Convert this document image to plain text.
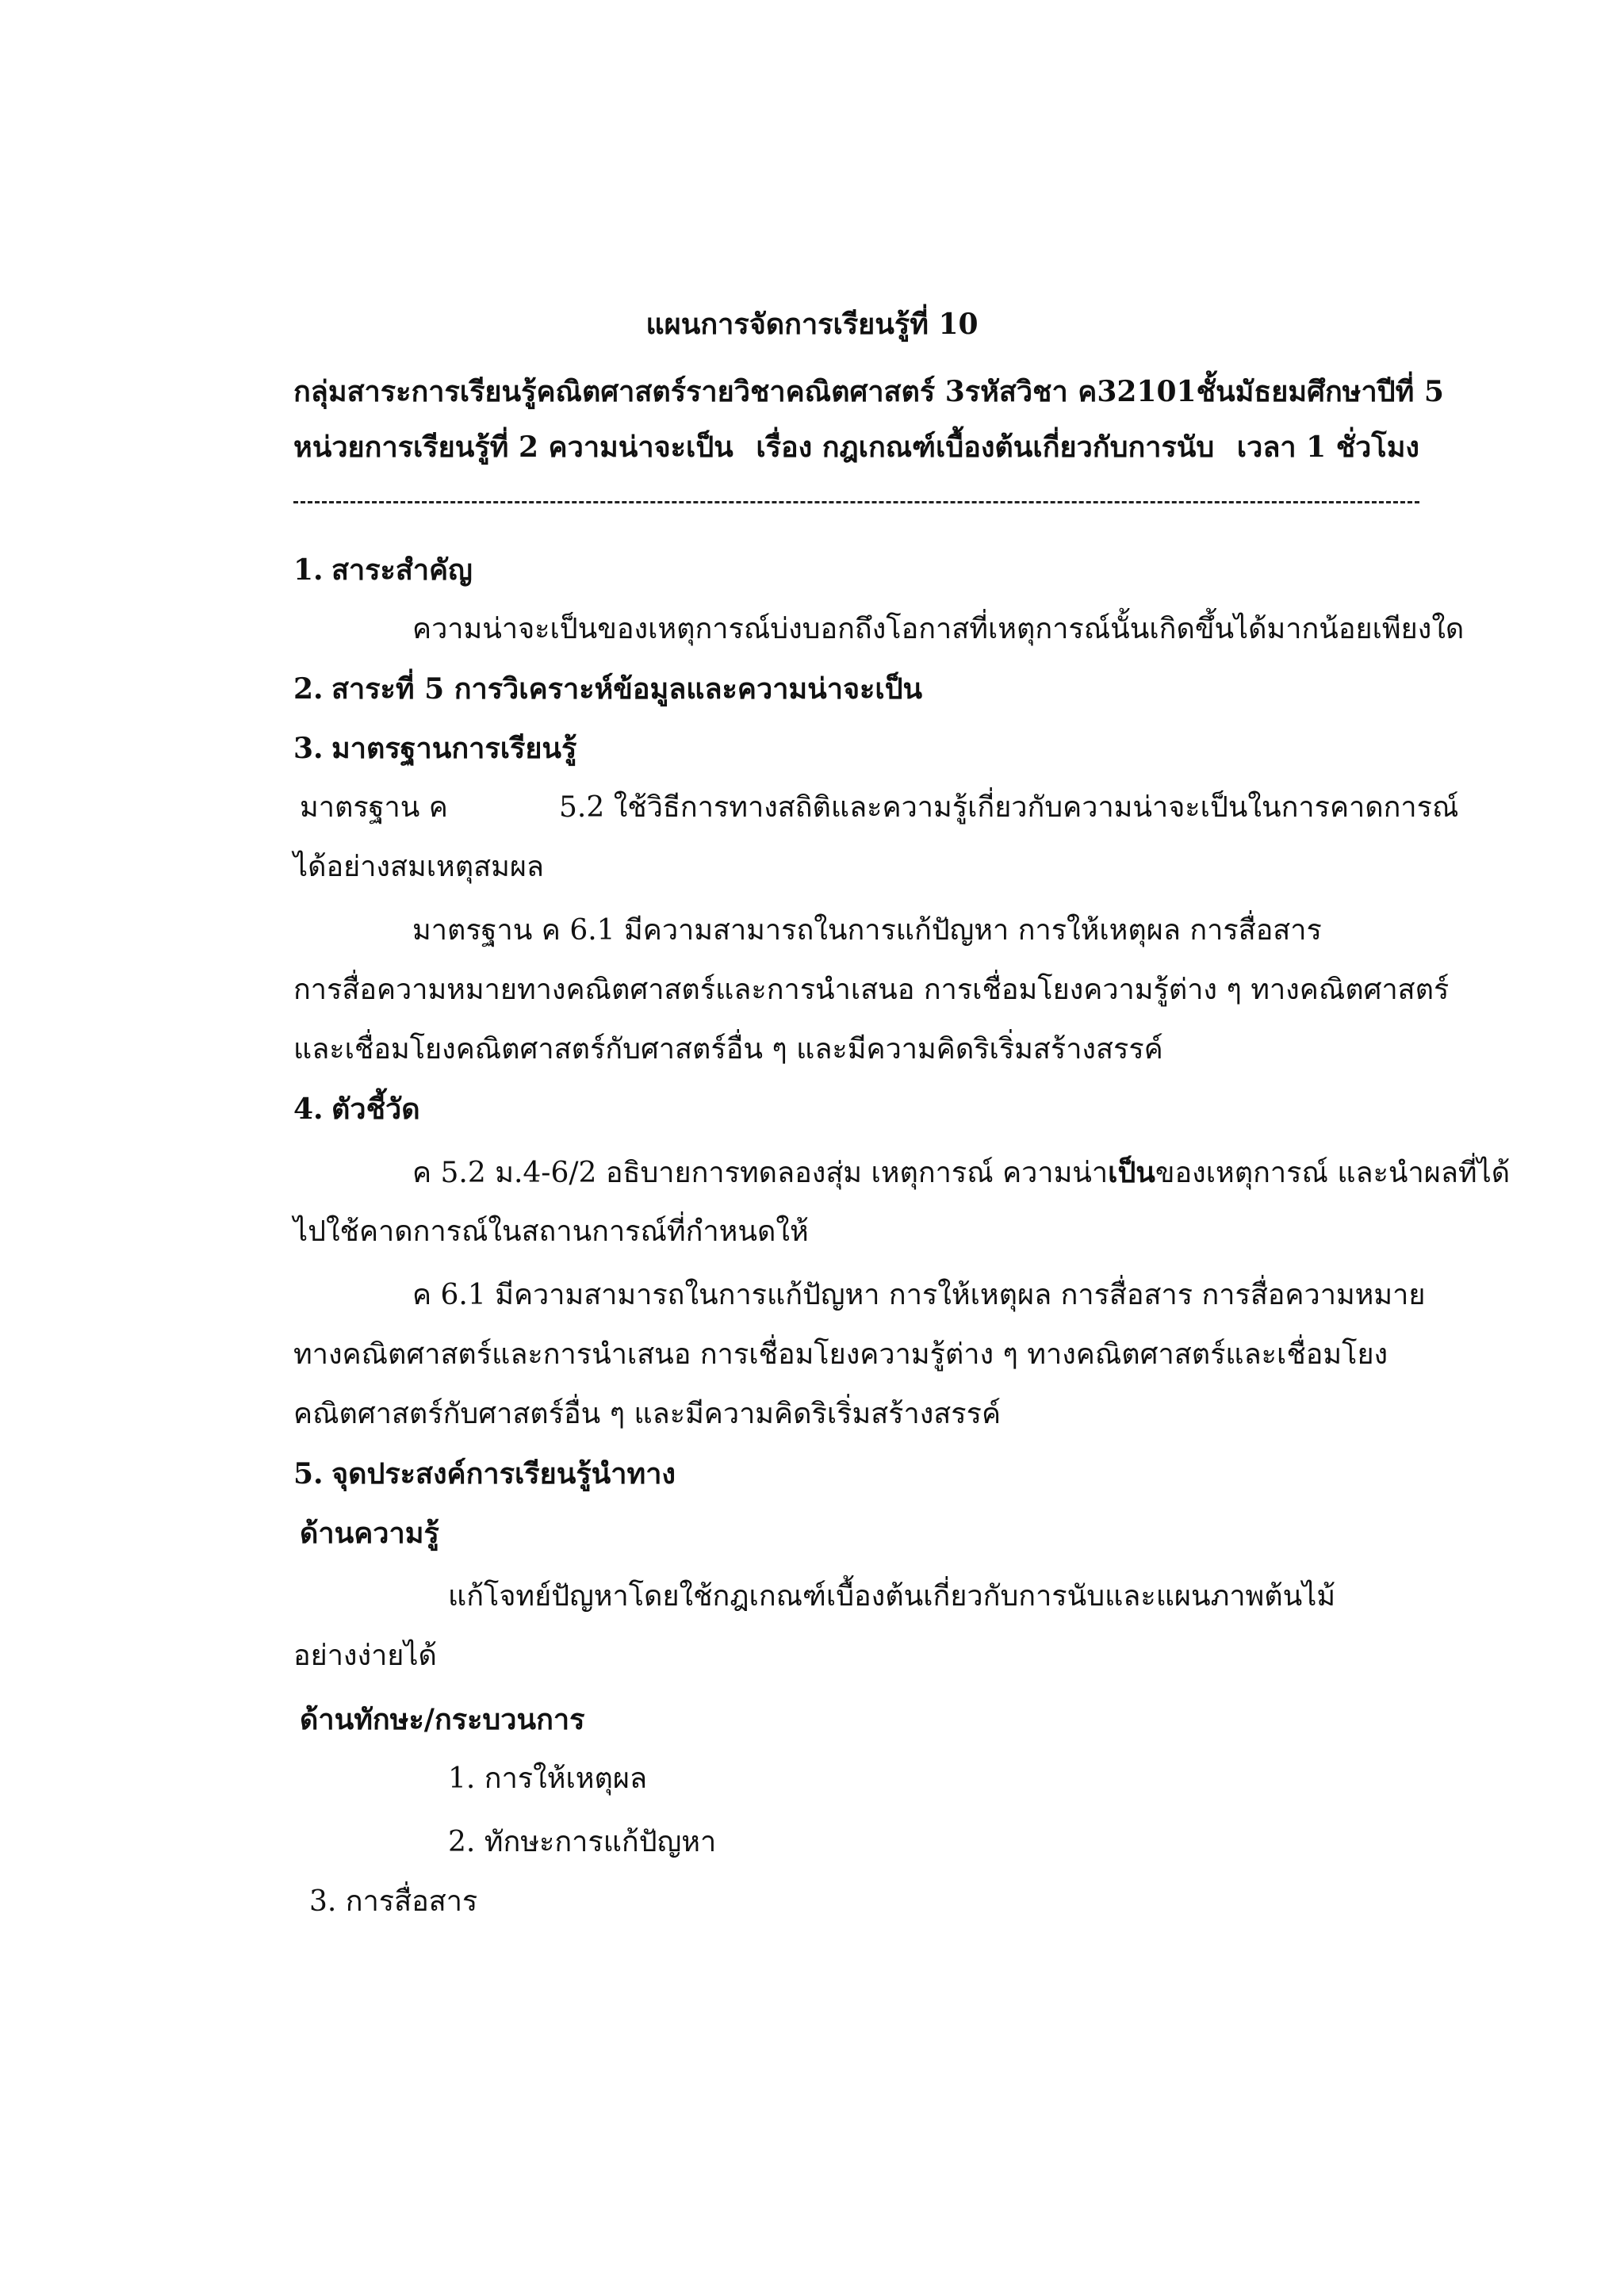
แผนการจัดการเรียนรู้ที่ 10
กลุ่มสาระการเรียนรู้คณิตศาสตร์ รายวิชาคณิตศาสตร์ 3 รหัสวิชา ค32101 ชั้นมัธยมศึกษาปีที่ 5
หน่วยการเรียนรู้ที่ 2 ความน่าจะเป็น เรื่อง กฎเกณฑ์เบื้องต้นเกี่ยวกับการนับ เวลา 1 ชั่วโมง
1. สาระสำคัญ
ความน่าจะเป็นของเหตุการณ์บ่งบอกถึงโอกาสที่เหตุการณ์นั้นเกิดขึ้นได้มากน้อยเพียงใด
2. สาระที่ 5 การวิเคราะห์ข้อมูลและความน่าจะเป็น
3. มาตรฐานการเรียนรู้
มาตรฐาน ค	5.2 ใช้วิธีการทางสถิติและความรู้เกี่ยวกับความน่าจะเป็นในการคาดการณ์
ได้อย่างสมเหตุสมผล
มาตรฐาน ค 6.1 มีความสามารถในการแก้ปัญหา การให้เหตุผล การสื่อสาร
การสื่อความหมายทางคณิตศาสตร์และการนำเสนอ การเชื่อมโยงความรู้ต่าง ๆ ทางคณิตศาสตร์
และเชื่อมโยงคณิตศาสตร์กับศาสตร์อื่น ๆ และมีความคิดริเริ่มสร้างสรรค์
4. ตัวชี้วัด
ค 5.2 ม.4-6/2 อธิบายการทดลองสุ่ม เหตุการณ์ ความน่าเป็นของเหตุการณ์ และนำผลที่ได้
ไปใช้คาดการณ์ในสถานการณ์ที่กำหนดให้
ค 6.1 มีความสามารถในการแก้ปัญหา การให้เหตุผล การสื่อสาร การสื่อความหมาย
ทางคณิตศาสตร์และการนำเสนอ การเชื่อมโยงความรู้ต่าง ๆ ทางคณิตศาสตร์และเชื่อมโยง
คณิตศาสตร์กับศาสตร์อื่น ๆ และมีความคิดริเริ่มสร้างสรรค์
5. จุดประสงค์การเรียนรู้นำทาง
ด้านความรู้
แก้โจทย์ปัญหาโดยใช้กฎเกณฑ์เบื้องต้นเกี่ยวกับการนับและแผนภาพต้นไม้
อย่างง่ายได้
ด้านทักษะ/กระบวนการ
1. การให้เหตุผล
2. ทักษะการแก้ปัญหา
3. การสื่อสาร
